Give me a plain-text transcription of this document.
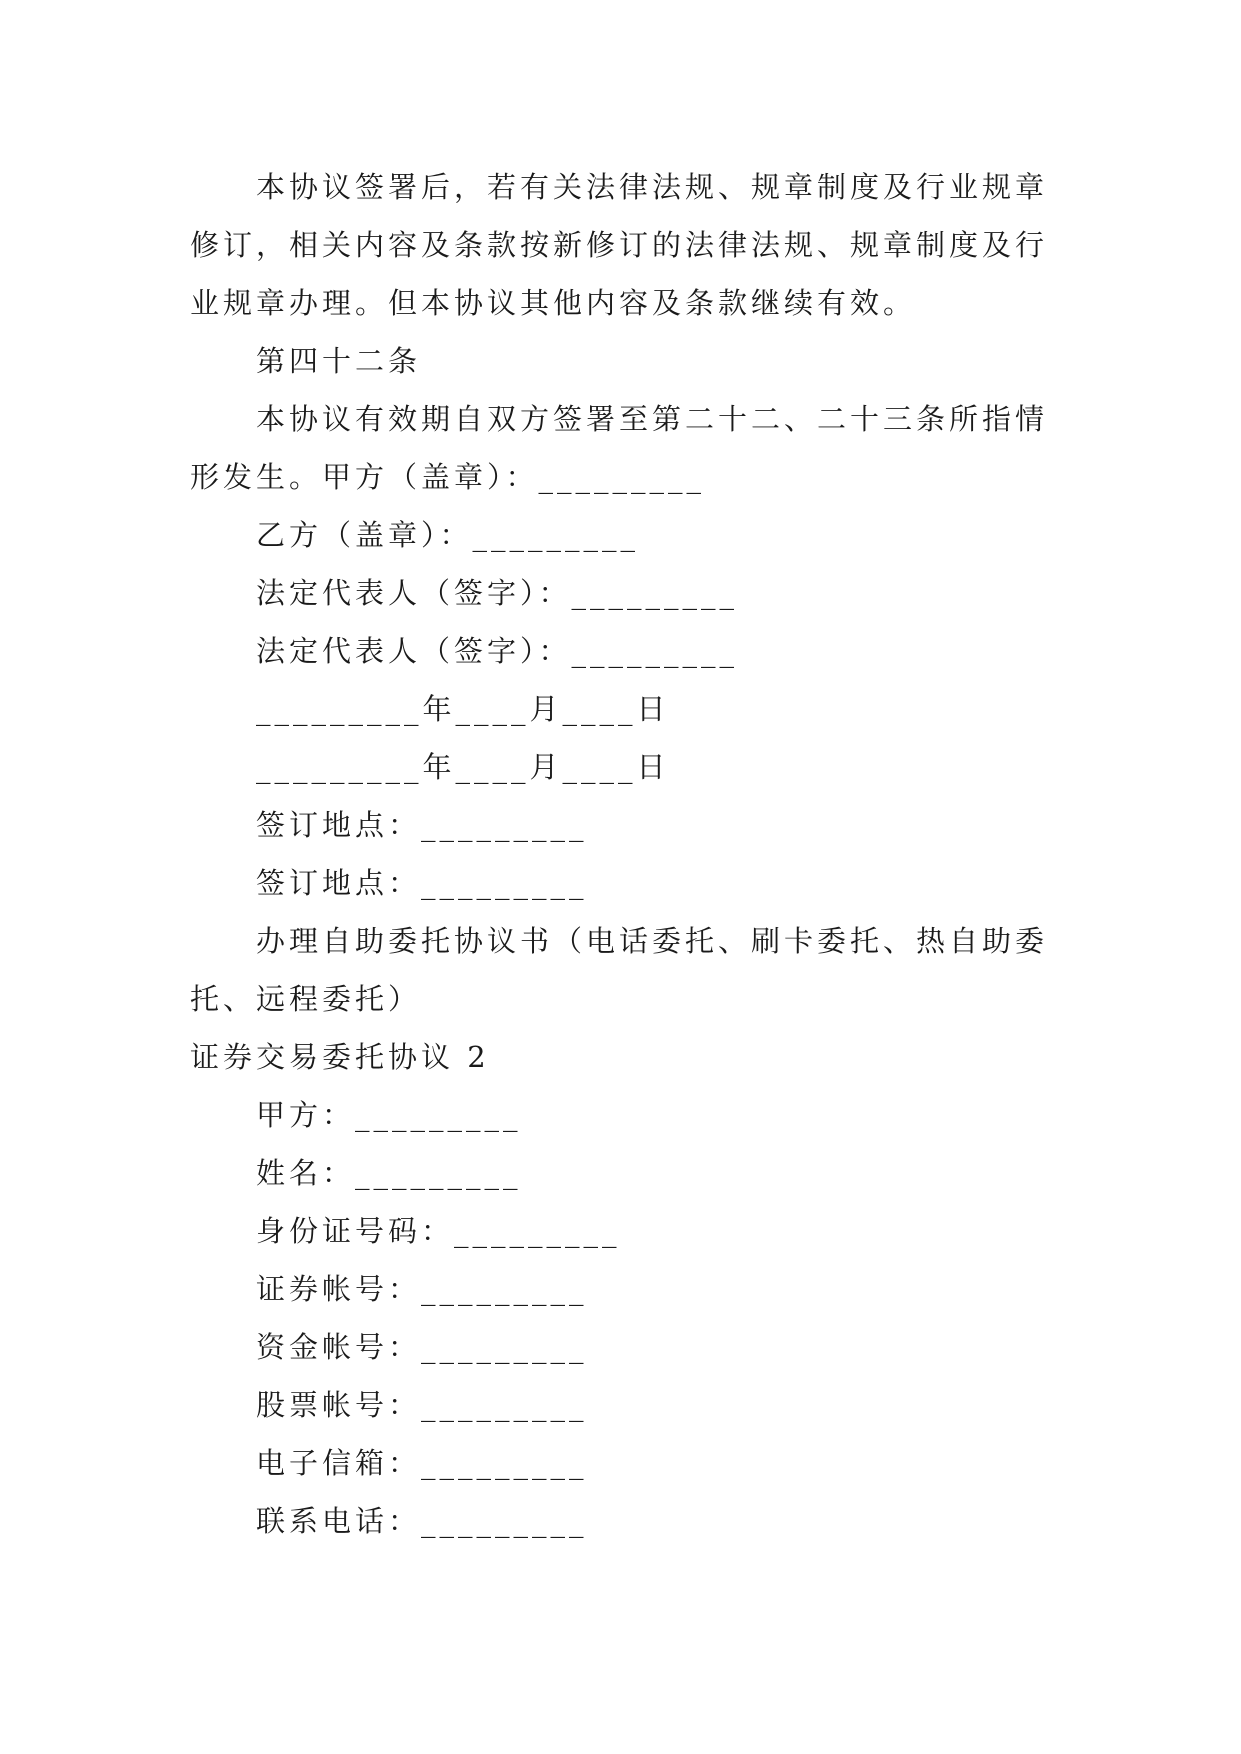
本协议签署后，若有关法律法规、规章制度及行业规章修订，相关内容及条款按新修订的法律法规、规章制度及行业规章办理。但本协议其他内容及条款继续有效。

第四十二条

本协议有效期自双方签署至第二十二、二十三条所指情形发生。甲方（盖章）：_________

乙方（盖章）：_________

法定代表人（签字）：_________

法定代表人（签字）：_________

_________年____月____日

_________年____月____日

签订地点：_________

签订地点：_________

办理自助委托协议书（电话委托、刷卡委托、热自助委托、远程委托）

证券交易委托协议 2

甲方：_________

姓名：_________

身份证号码：_________

证券帐号：_________

资金帐号：_________

股票帐号：_________

电子信箱：_________

联系电话：_________
